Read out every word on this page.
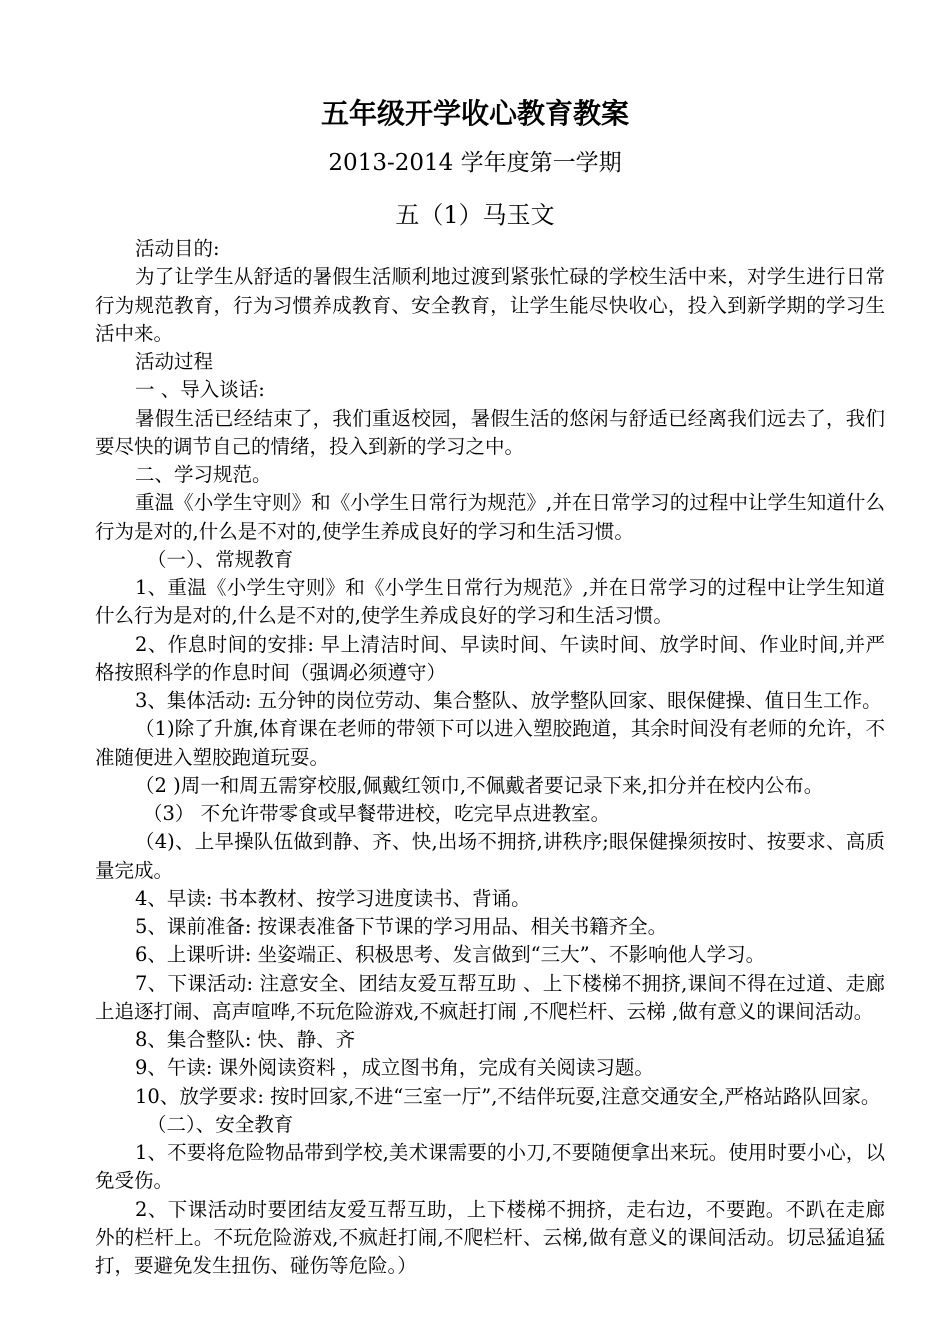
五年级开学收心教育教案
2013-2014 学年度第一学期
五（1）马玉文

活动目的:

为了让学生从舒适的暑假生活顺利地过渡到紧张忙碌的学校生活中来，对学生进行日常行为规范教育，行为习惯养成教育、安全教育，让学生能尽快收心，投入到新学期的学习生活中来。

活动过程

一 、导入谈话:

暑假生活已经结束了，我们重返校园，暑假生活的悠闲与舒适已经离我们远去了，我们要尽快的调节自己的情绪，投入到新的学习之中。

二、学习规范。

重温《小学生守则》和《小学生日常行为规范》,并在日常学习的过程中让学生知道什么行为是对的,什么是不对的,使学生养成良好的学习和生活习惯。

（一）、常规教育

1、重温《小学生守则》和《小学生日常行为规范》,并在日常学习的过程中让学生知道什么行为是对的,什么是不对的,使学生养成良好的学习和生活习惯。

2、作息时间的安排: 早上清洁时间、早读时间、午读时间、放学时间、作业时间,并严格按照科学的作息时间（强调必须遵守）

3、集体活动: 五分钟的岗位劳动、集合整队、放学整队回家、眼保健操、值日生工作。

（1)除了升旗,体育课在老师的带领下可以进入塑胶跑道，其余时间没有老师的允许，不准随便进入塑胶跑道玩耍。

（2 )周一和周五需穿校服,佩戴红领巾,不佩戴者要记录下来,扣分并在校内公布。

（3） 不允许带零食或早餐带进校，吃完早点进教室。

（4)、上早操队伍做到静、齐、快,出场不拥挤,讲秩序;眼保健操须按时、按要求、高质量完成。

4、早读: 书本教材、按学习进度读书、背诵。

5、课前准备: 按课表准备下节课的学习用品、相关书籍齐全。

6、上课听讲: 坐姿端正、积极思考、发言做到“三大”、不影响他人学习。

7、下课活动: 注意安全、团结友爱互帮互助 、上下楼梯不拥挤,课间不得在过道、走廊上追逐打闹、高声喧哗,不玩危险游戏,不疯赶打闹 ,不爬栏杆、云梯 ,做有意义的课间活动。

8、集合整队: 快、静、齐

9、午读: 课外阅读资料 ，成立图书角，完成有关阅读习题。

10、放学要求: 按时回家,不进“三室一厅”,不结伴玩耍,注意交通安全,严格站路队回家。

（二）、安全教育

1、不要将危险物品带到学校,美术课需要的小刀,不要随便拿出来玩。使用时要小心，以免受伤。

2、下课活动时要团结友爱互帮互助，上下楼梯不拥挤，走右边，不要跑。不趴在走廊外的栏杆上。不玩危险游戏,不疯赶打闹,不爬栏杆、云梯,做有意义的课间活动。切忌猛追猛打，要避免发生扭伤、碰伤等危险。）
